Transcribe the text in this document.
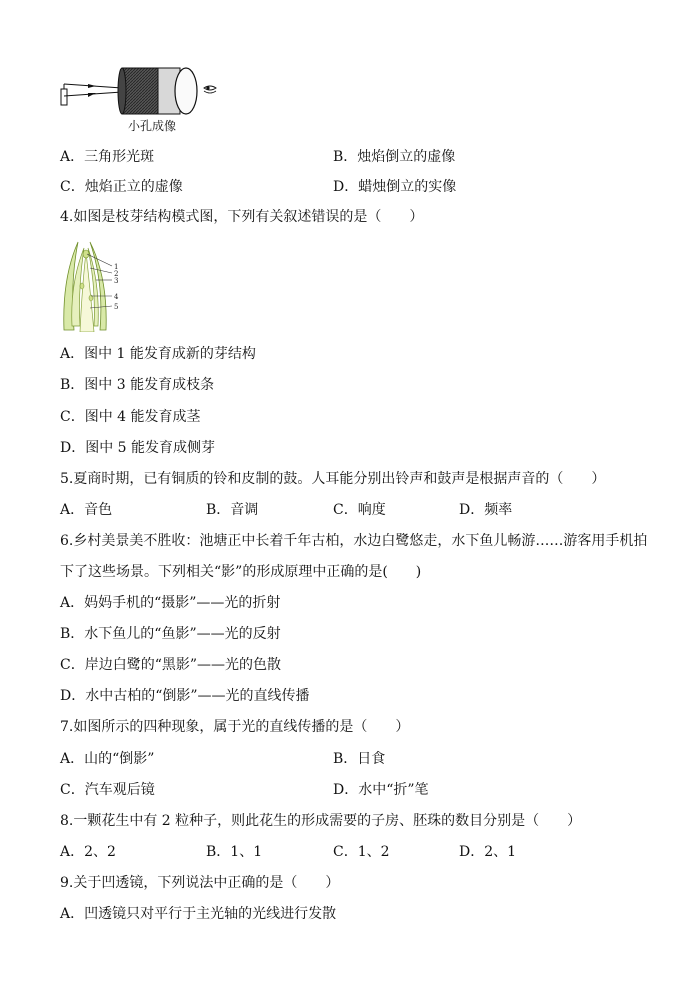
小孔成像
A．三角形光斑	B．烛焰倒立的虚像
C．烛焰正立的虚像	D．蜡烛倒立的实像
4.如图是枝芽结构模式图，下列有关叙述错误的是（　　）
1
2
3
4
5
A．图中 1 能发育成新的芽结构
B．图中 3 能发育成枝条
C．图中 4 能发育成茎
D．图中 5 能发育成侧芽
5.夏商时期，已有铜质的铃和皮制的鼓。人耳能分别出铃声和鼓声是根据声音的（　　）
A．音色	B．音调	C．响度	D．频率
6.乡村美景美不胜收：池塘正中长着千年古柏，水边白鹭悠走，水下鱼儿畅游……游客用手机拍
下了这些场景。下列相关“影”的形成原理中正确的是(　　)
A．妈妈手机的“摄影”——光的折射
B．水下鱼儿的“鱼影”——光的反射
C．岸边白鹭的“黑影”——光的色散
D．水中古柏的“倒影”——光的直线传播
7.如图所示的四种现象，属于光的直线传播的是（　　）
A．山的“倒影”	B．日食
C．汽车观后镜	D．水中“折”笔
8.一颗花生中有 2 粒种子，则此花生的形成需要的子房、胚珠的数目分别是（　　）
A．2、2	B．1、1	C．1、2	D．2、1
9.关于凹透镜，下列说法中正确的是（　　）
A．凹透镜只对平行于主光轴的光线进行发散
